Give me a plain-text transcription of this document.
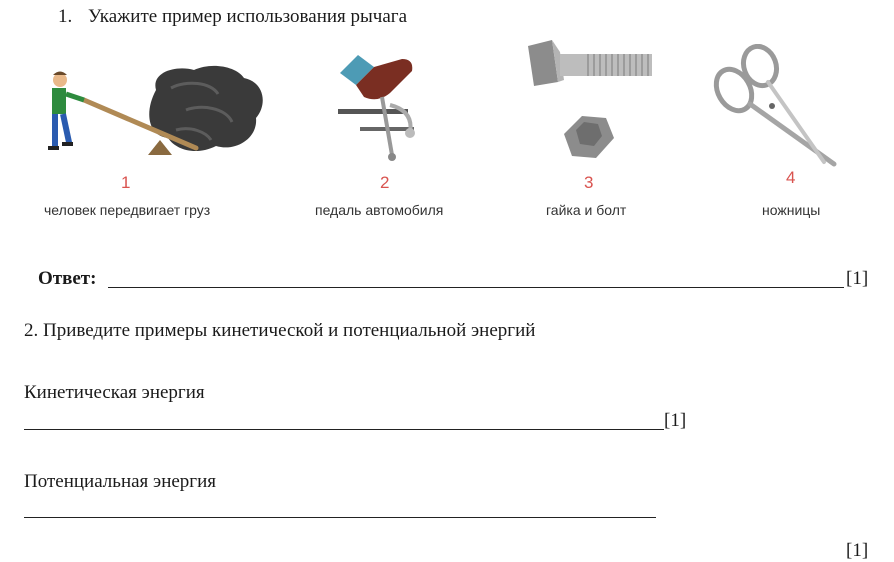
1. Укажите пример использования рычага
1
человек передвигает груз
2
педаль автомобиля
3
гайка и болт
4
ножницы
Ответ:	[1]
2. Приведите примеры кинетической и потенциальной энергий
Кинетическая энергия
[1]
Потенциальная энергия
[1]
